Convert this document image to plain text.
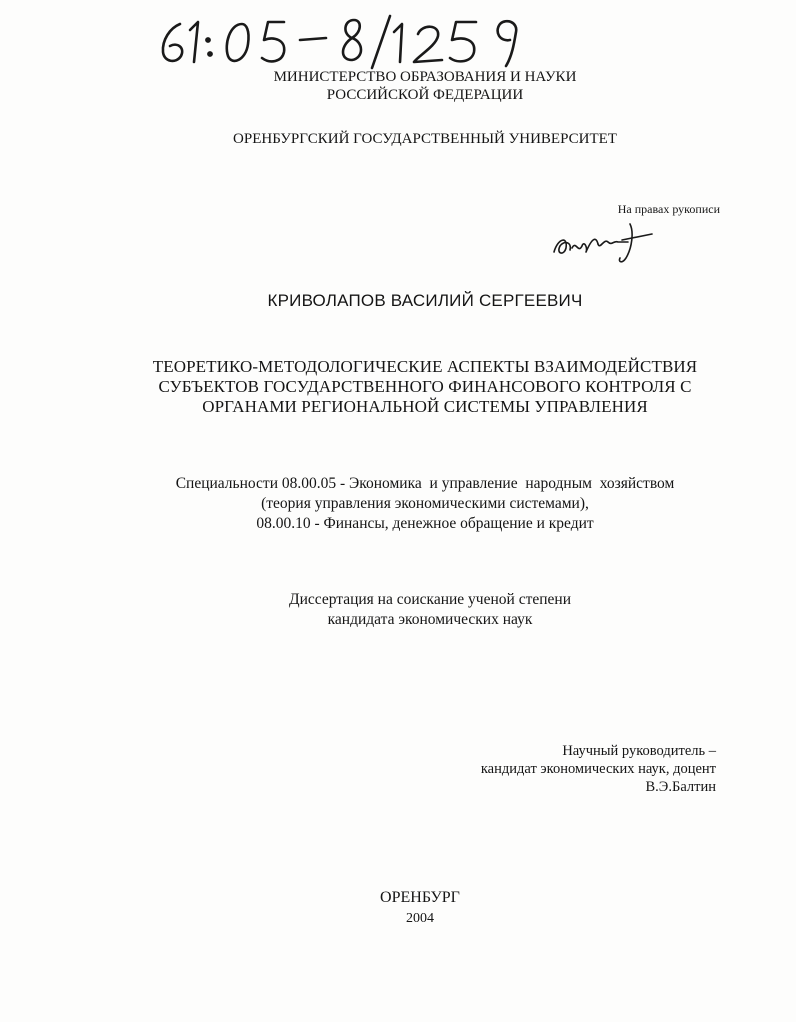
МИНИСТЕРСТВО ОБРАЗОВАНИЯ И НАУКИ
РОССИЙСКОЙ ФЕДЕРАЦИИ
ОРЕНБУРГСКИЙ ГОСУДАРСТВЕННЫЙ УНИВЕРСИТЕТ
На правах рукописи
КРИВОЛАПОВ ВАСИЛИЙ СЕРГЕЕВИЧ
ТЕОРЕТИКО-МЕТОДОЛОГИЧЕСКИЕ АСПЕКТЫ ВЗАИМОДЕЙСТВИЯ
СУБЪЕКТОВ ГОСУДАРСТВЕННОГО ФИНАНСОВОГО КОНТРОЛЯ С
ОРГАНАМИ РЕГИОНАЛЬНОЙ СИСТЕМЫ УПРАВЛЕНИЯ
Специальности 08.00.05 - Экономика  и управление  народным  хозяйством
(теория управления экономическими системами),
08.00.10 - Финансы, денежное обращение и кредит
Диссертация на соискание ученой степени
кандидата экономических наук
Научный руководитель –
кандидат экономических наук, доцент
В.Э.Балтин
ОРЕНБУРГ
2004
